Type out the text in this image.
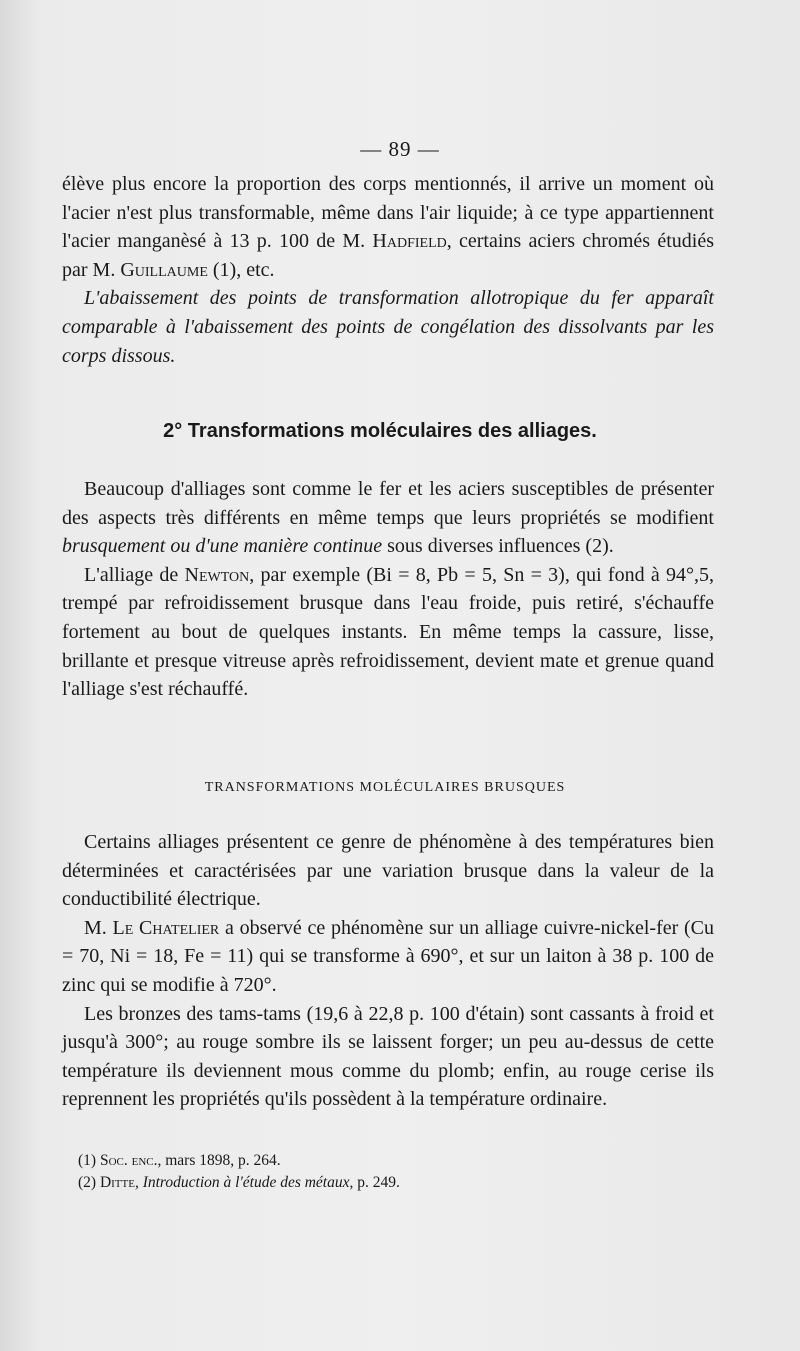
— 89 —

élève plus encore la proportion des corps mentionnés, il arrive un moment où l'acier n'est plus transformable, même dans l'air liquide; à ce type appartiennent l'acier manganèsé à 13 p. 100 de M. Hadfield, certains aciers chromés étudiés par M. Guillaume (1), etc.

L'abaissement des points de transformation allotropique du fer apparaît comparable à l'abaissement des points de congélation des dissolvants par les corps dissous.

2° Transformations moléculaires des alliages.

Beaucoup d'alliages sont comme le fer et les aciers susceptibles de présenter des aspects très différents en même temps que leurs propriétés se modifient brusquement ou d'une manière continue sous diverses influences (2).

L'alliage de Newton, par exemple (Bi = 8, Pb = 5, Sn = 3), qui fond à 94°,5, trempé par refroidissement brusque dans l'eau froide, puis retiré, s'échauffe fortement au bout de quelques instants. En même temps la cassure, lisse, brillante et presque vitreuse après refroidissement, devient mate et grenue quand l'alliage s'est réchauffé.

TRANSFORMATIONS MOLÉCULAIRES BRUSQUES

Certains alliages présentent ce genre de phénomène à des températures bien déterminées et caractérisées par une variation brusque dans la valeur de la conductibilité électrique.

M. Le Chatelier a observé ce phénomène sur un alliage cuivre-nickel-fer (Cu = 70, Ni = 18, Fe = 11) qui se transforme à 690°, et sur un laiton à 38 p. 100 de zinc qui se modifie à 720°.

Les bronzes des tams-tams (19,6 à 22,8 p. 100 d'étain) sont cassants à froid et jusqu'à 300°; au rouge sombre ils se laissent forger; un peu au-dessus de cette température ils deviennent mous comme du plomb; enfin, au rouge cerise ils reprennent les propriétés qu'ils possèdent à la température ordinaire.

(1) Soc. enc., mars 1898, p. 264.
(2) Ditte, Introduction à l'étude des métaux, p. 249.
